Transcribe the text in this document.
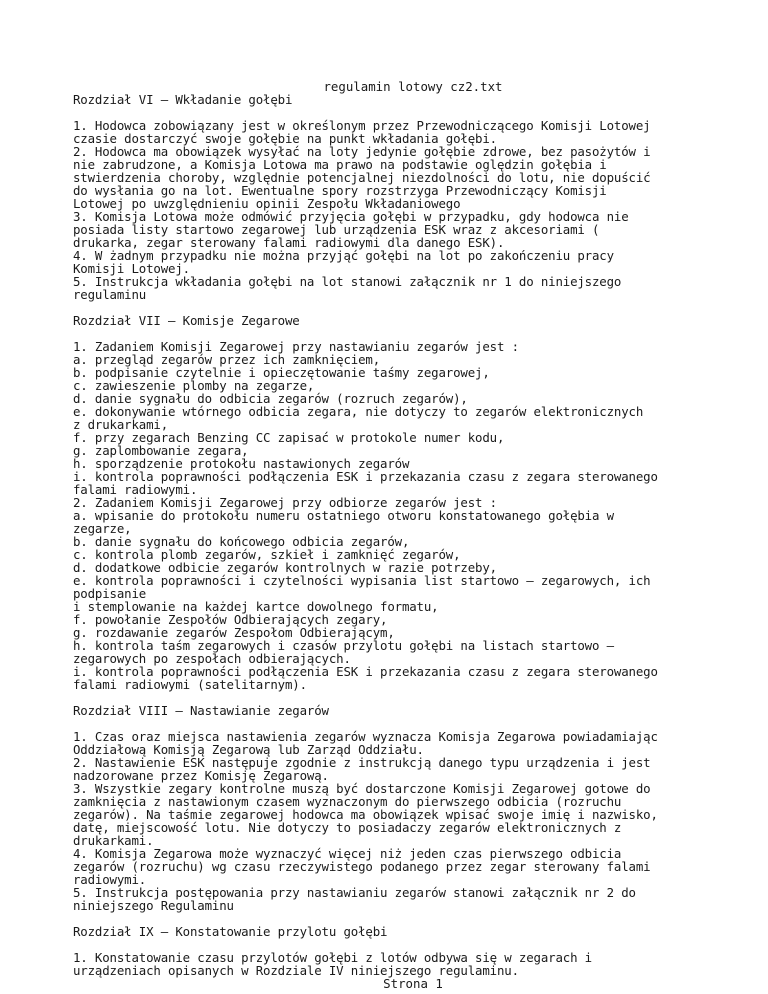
regulamin lotowy cz2.txt
Rozdział VI – Wkładanie gołębi
1. Hodowca zobowiązany jest w określonym przez Przewodniczącego Komisji Lotowej
czasie dostarczyć swoje gołębie na punkt wkładania gołębi.
2. Hodowca ma obowiązek wysyłać na loty jedynie gołębie zdrowe, bez pasożytów i
nie zabrudzone, a Komisja Lotowa ma prawo na podstawie oględzin gołębia i
stwierdzenia choroby, względnie potencjalnej niezdolności do lotu, nie dopuścić
do wysłania go na lot. Ewentualne spory rozstrzyga Przewodniczący Komisji
Lotowej po uwzględnieniu opinii Zespołu Wkładaniowego
3. Komisja Lotowa może odmówić przyjęcia gołębi w przypadku, gdy hodowca nie
posiada listy startowo zegarowej lub urządzenia ESK wraz z akcesoriami (
drukarka, zegar sterowany falami radiowymi dla danego ESK).
4. W żadnym przypadku nie można przyjąć gołębi na lot po zakończeniu pracy
Komisji Lotowej.
5. Instrukcja wkładania gołębi na lot stanowi załącznik nr 1 do niniejszego
regulaminu
Rozdział VII – Komisje Zegarowe
1. Zadaniem Komisji Zegarowej przy nastawianiu zegarów jest :
a. przegląd zegarów przez ich zamknięciem,
b. podpisanie czytelnie i opieczętowanie taśmy zegarowej,
c. zawieszenie plomby na zegarze,
d. danie sygnału do odbicia zegarów (rozruch zegarów),
e. dokonywanie wtórnego odbicia zegara, nie dotyczy to zegarów elektronicznych
z drukarkami,
f. przy zegarach Benzing CC zapisać w protokole numer kodu,
g. zaplombowanie zegara,
h. sporządzenie protokołu nastawionych zegarów
i. kontrola poprawności podłączenia ESK i przekazania czasu z zegara sterowanego
falami radiowymi.
2. Zadaniem Komisji Zegarowej przy odbiorze zegarów jest :
a. wpisanie do protokołu numeru ostatniego otworu konstatowanego gołębia w
zegarze,
b. danie sygnału do końcowego odbicia zegarów,
c. kontrola plomb zegarów, szkieł i zamknięć zegarów,
d. dodatkowe odbicie zegarów kontrolnych w razie potrzeby,
e. kontrola poprawności i czytelności wypisania list startowo – zegarowych, ich
podpisanie
i stemplowanie na każdej kartce dowolnego formatu,
f. powołanie Zespołów Odbierających zegary,
g. rozdawanie zegarów Zespołom Odbierającym,
h. kontrola taśm zegarowych i czasów przylotu gołębi na listach startowo –
zegarowych po zespołach odbierających.
i. kontrola poprawności podłączenia ESK i przekazania czasu z zegara sterowanego
falami radiowymi (satelitarnym).
Rozdział VIII – Nastawianie zegarów
1. Czas oraz miejsca nastawienia zegarów wyznacza Komisja Zegarowa powiadamiając
Oddziałową Komisją Zegarową lub Zarząd Oddziału.
2. Nastawienie ESK następuje zgodnie z instrukcją danego typu urządzenia i jest
nadzorowane przez Komisję Zegarową.
3. Wszystkie zegary kontrolne muszą być dostarczone Komisji Zegarowej gotowe do
zamknięcia z nastawionym czasem wyznaczonym do pierwszego odbicia (rozruchu
zegarów). Na taśmie zegarowej hodowca ma obowiązek wpisać swoje imię i nazwisko,
datę, miejscowość lotu. Nie dotyczy to posiadaczy zegarów elektronicznych z
drukarkami.
4. Komisja Zegarowa może wyznaczyć więcej niż jeden czas pierwszego odbicia
zegarów (rozruchu) wg czasu rzeczywistego podanego przez zegar sterowany falami
radiowymi.
5. Instrukcja postępowania przy nastawianiu zegarów stanowi załącznik nr 2 do
niniejszego Regulaminu
Rozdział IX – Konstatowanie przylotu gołębi
1. Konstatowanie czasu przylotów gołębi z lotów odbywa się w zegarach i
urządzeniach opisanych w Rozdziale IV niniejszego regulaminu.
Strona 1
